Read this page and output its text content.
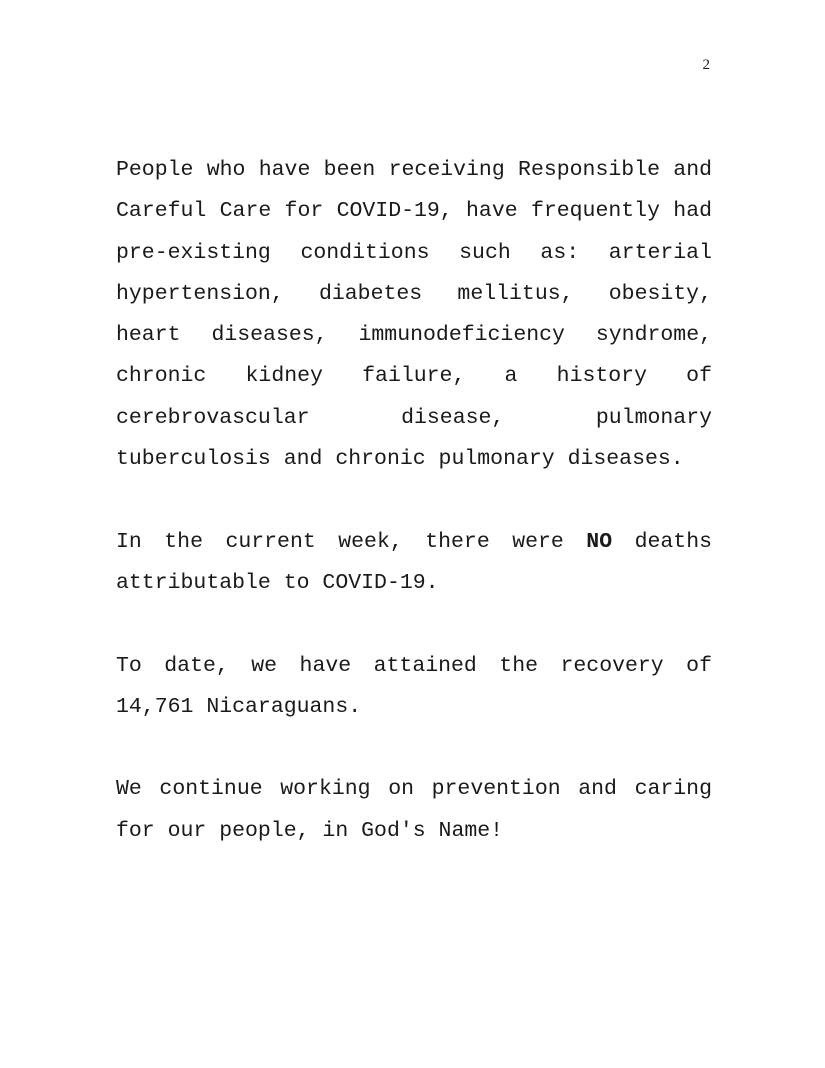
2

People who have been receiving Responsible and Careful Care for COVID-19, have frequently had pre-existing conditions such as: arterial hypertension, diabetes mellitus, obesity, heart diseases, immunodeficiency syndrome, chronic kidney failure, a history of cerebrovascular disease, pulmonary tuberculosis and chronic pulmonary diseases.

In the current week, there were NO deaths attributable to COVID-19.

To date, we have attained the recovery of 14,761 Nicaraguans.

We continue working on prevention and caring for our people, in God's Name!
